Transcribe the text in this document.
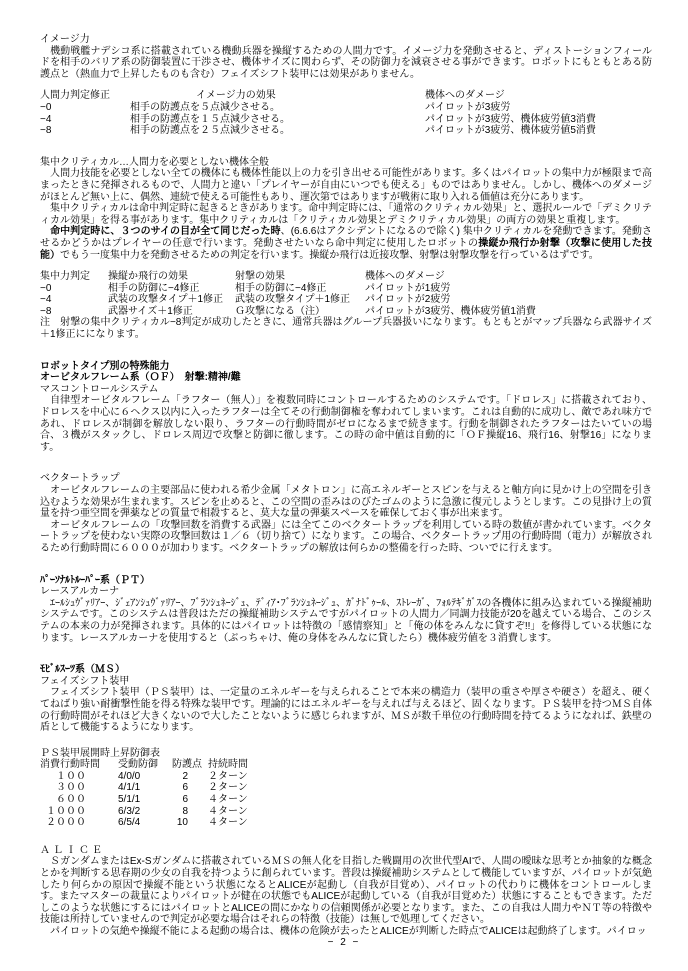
イメージ力

　機動戦艦ナデシコ系に搭載されている機動兵器を操縦するための人間力です。イメージ力を発動させると、ディストーションフィールドを相手のバリア系の防御装置に干渉させ、機体サイズに関わらず、その防御力を減衰させる事ができます。ロボットにもともとある防護点と（熱血力で上昇したものも含む）フェイズシフト装甲には効果がありません。

人間力判定修正	イメージ力の効果	機体へのダメージ
−0	相手の防護点を５点減少させる。	パイロットが3疲労
−4	相手の防護点を１５点減少させる。	パイロットが3疲労、機体疲労値3消費
−8	相手の防護点を２５点減少させる。	パイロットが3疲労、機体疲労値5消費

集中クリティカル…人間力を必要としない機体全般

　人間力技能を必要としない全ての機体にも機体性能以上の力を引き出せる可能性があります。多くはパイロットの集中力が極限まで高まったときに発揮されるもので、人間力と違い「プレイヤーが自由にいつでも使える」ものではありません。しかし、機体へのダメージがほとんど無い上に、偶然、連続で使える可能性もあり、運次第ではありますが戦術に取り入れる価値は充分にあります。

　集中クリティカルは命中判定時に起きるときがあります。命中判定時には、「通常のクリティカル効果」と、選択ルールで「デミクリティカル効果」を得る事があります。集中クリティカルは「クリティカル効果とデミクリティカル効果」の両方の効果と重複します。

　命中判定時に、３つのサイの目が全て同じだった時、(6.6.6はアクシデントになるので除く) 集中クリティカルを発動できます。発動させるかどうかはプレイヤーの任意で行います。発動させたいなら命中判定に使用したロボットの操縦か飛行か射撃（攻撃に使用した技能）でもう一度集中力を発動させるための判定を行います。操縦か飛行は近接攻撃、射撃は射撃攻撃を行っているはずです。

集中力判定	操縦か飛行の効果	射撃の効果	機体へのダメージ
−0	相手の防御に−4修正	相手の防御に−4修正	パイロットが1疲労
−4	武装の攻撃タイプ＋1修正	武装の攻撃タイプ＋1修正	パイロットが2疲労
−8	武器サイズ＋1修正	Ｇ攻撃になる（注）	パイロットが3疲労、機体疲労値1消費

注　射撃の集中クリティカル−8判定が成功したときに、通常兵器はグループ兵器扱いになります。もともとがマップ兵器なら武器サイズ＋1修正にになります。

ロボットタイプ別の特殊能力

オービタルフレーム系（ＯＦ）　射撃:精神/難

マスコントロールシステム

　自律型オービタルフレーム「ラフター（無人）」を複数同時にコントロールするためのシステムです。「ドロレス」に搭載されており、ドロレスを中心に６ヘクス以内に入ったラフターは全てその行動制御権を奪われてしまいます。これは自動的に成功し、敵であれ味方であれ、ドロレスが制御を解放しない限り、ラフターの行動時間がゼロになるまで続きます。行動を制御されたラフターはたいていの場合、３機がスタックし、ドロレス周辺で攻撃と防御に徹します。この時の命中値は自動的に「ＯＦ操縦16、飛行16、射撃16」になります。

ベクタートラップ

　オービタルフレームの主要部品に使われる希少金属「メタトロン」に高エネルギーとスピンを与えると軸方向に見かけ上の空間を引き込むような効果が生まれます。スピンを止めると、この空間の歪みはのびたゴムのように急激に復元しようとします。この見掛け上の質量を持つ亜空間を弾薬などの質量で相殺すると、莫大な量の弾薬スペースを確保しておく事が出来ます。

　オービタルフレームの「攻撃回数を消費する武器」には全てこのベクタートラップを利用している時の数値が書かれています。ベクタートラップを使わない実際の攻撃回数は１／６（切り捨て）になります。この場合、ベクタートラップ用の行動時間（電力）が解放されるため行動時間に６０００が加わります。ベクタートラップの解放は何らかの整備を行った時、ついでに行えます。

ﾊﾟｰｿﾅﾙﾄﾙｰﾊﾟｰ系（ＰＴ）

レースアルカーナ

　ｴｰﾙｼｭｳﾞｧﾘｱｰ、ｼﾞｪｱﾝｼｭｳﾞｧﾘｱｰ、ﾌﾞﾗﾝｼｭﾈｰｼﾞｭ、ﾃﾞｨｱ･ﾌﾞﾗﾝｼｭﾈｰｼﾞｭ、ｶﾞﾅﾄﾞｩｰﾙ、ｽﾄﾚｰｶﾞ、ﾌｫﾙﾃｷﾞｶﾞｽの各機体に組み込まれている操縦補助システムです。このシステムは普段はただの操縦補助システムですがパイロットの人間力／同調力技能が20を越えている場合、このシステムの本来の力が発揮されます。具体的にはパイロットは特徴の「感情察知」と「俺の体をみんなに貸すぞ!!」を修得している状態になります。レースアルカーナを使用すると（ぶっちゃけ、俺の身体をみんなに貸したら）機体疲労値を３消費します。

ﾓﾋﾞﾙｽｰﾂ系（ＭＳ）

フェイズシフト装甲

　フェイズシフト装甲（ＰＳ装甲）は、一定量のエネルギーを与えられることで本来の構造力（装甲の重さや厚さや硬さ）を超え、硬くてねばり強い耐衝撃性能を得る特殊な装甲です。理論的にはエネルギーを与えれば与えるほど、固くなります。ＰＳ装甲を持つＭＳ自体の行動時間がそれほど大きくないので大したことないように感じられますが、ＭＳが数千単位の行動時間を持てるようになれば、鉄壁の盾として機能するようになります。

ＰＳ装甲展開時上昇防御表

消費行動時間	受動防御	防護点 持続時間
１００	4/0/0	2	２ターン
３００	4/1/1	6	２ターン
６００	5/1/1	6	４ターン
１０００	6/3/2	8	４ターン
２０００	6/5/4	10	４ターン

ＡＬＩＣＥ

　ＳガンダムまたはEx-Sガンダムに搭載されているＭＳの無人化を目指した戦闘用の次世代型AIで、人間の曖昧な思考とか抽象的な概念とかを判断する思春期の少女の自我を持つように創られています。普段は操縦補助システムとして機能していますが、パイロットが気絶したり何らかの原因で操縦不能という状態になるとALICEが起動し（自我が目覚め）、パイロットの代わりに機体をコントロールします。またマスターの裁量によりパイロットが健在の状態でもALICEが起動している（自我が目覚めた）状態にすることもできます。ただしこのような状態にするにはパイロットとALICEの間にかなりの信頼関係が必要となります。また、この自我は人間力やＮＴ等の特徴や技能は所持していませんので判定が必要な場合はそれらの特徴（技能）は無しで処理してください。

　パイロットの気絶や操縦不能による起動の場合は、機体の危険が去ったとALICEが判断した時点でALICEは起動終了します。パイロッ

− 2 −
